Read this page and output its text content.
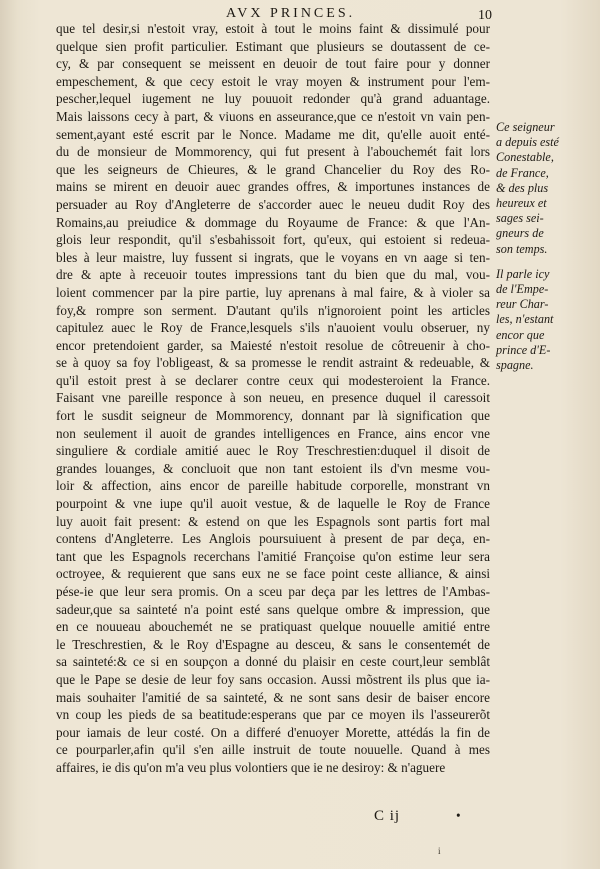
AVX PRINCES.	10
que tel desir,si n'estoit vray, estoit à tout le moins faint & dissimulé pour
quelque sien profit particulier. Estimant que plusieurs se doutassent de ce-
cy, & par consequent se meissent en deuoir de tout faire pour y donner
empeschement, & que cecy estoit le vray moyen & instrument pour l'em-
pescher,lequel iugement ne luy pouuoit redonder qu'à grand aduantage.
Mais laissons cecy à part, & viuons en asseurance,que ce n'estoit vn vain pen-
sement,ayant esté escrit par le Nonce. Madame me dit, qu'elle auoit enté-
du de monsieur de Mommorency, qui fut present à l'abouchemét fait lors
que les seigneurs de Chieures, & le grand Chancelier du Roy des Ro-
mains se mirent en deuoir auec grandes offres, & importunes instances de
persuader au Roy d'Angleterre de s'accorder auec le neueu dudit Roy des
Romains,au preiudice & dommage du Royaume de France: & que l'An-
glois leur respondit, qu'il s'esbahissoit fort, qu'eux, qui estoient si redeua-
bles à leur maistre, luy fussent si ingrats, que le voyans en vn aage si ten-
dre & apte à receuoir toutes impressions tant du bien que du mal, vou-
loient commencer par la pire partie, luy aprenans à mal faire, & à violer sa
foy,& rompre son serment. D'autant qu'ils n'ignoroient point les articles
capitulez auec le Roy de France,lesquels s'ils n'auoient voulu obseruer, ny
encor pretendoient garder, sa Maiesté n'estoit resolue de côtreuenir à cho-
se à quoy sa foy l'obligeast, & sa promesse le rendit astraint & redeuable, &
qu'il estoit prest à se declarer contre ceux qui modesteroient la France.
Faisant vne pareille responce à son neueu, en presence duquel il caressoit
fort le susdit seigneur de Mommorency, donnant par là signification que
non seulement il auoit de grandes intelligences en France, ains encor vne
singuliere & cordiale amitié auec le Roy Treschrestien:duquel il disoit de
grandes louanges, & concluoit que non tant estoient ils d'vn mesme vou-
loir & affection, ains encor de pareille habitude corporelle, monstrant vn
pourpoint & vne iupe qu'il auoit vestue, & de laquelle le Roy de France
luy auoit fait present: & estend on que les Espagnols sont partis fort mal
contens d'Angleterre. Les Anglois poursuiuent à present de par deça, en-
tant que les Espagnols recerchans l'amitié Françoise qu'on estime leur sera
octroyee, & requierent que sans eux ne se face point ceste alliance, & ainsi
pése-ie que leur sera promis. On a sceu par deça par les lettres de l'Ambas-
sadeur,que sa sainteté n'a point esté sans quelque ombre & impression, que
en ce nouueau abouchemét ne se pratiquast quelque nouuelle amitié entre
le Treschrestien, & le Roy d'Espagne au desceu, & sans le consentemét de
sa sainteté:& ce si en soupçon a donné du plaisir en ceste court,leur semblât
que le Pape se desie de leur foy sans occasion. Aussi mõstrent ils plus que ia-
mais souhaiter l'amitié de sa sainteté, & ne sont sans desir de baiser encore
vn coup les pieds de sa beatitude:esperans que par ce moyen ils l'asseurerõt
pour iamais de leur costé. On a differé d'enuoyer Morette, attédás la fin de
ce pourparler,afin qu'il s'en aille instruit de toute nouuelle. Quand à mes
affaires, ie dis qu'on m'a veu plus volontiers que ie ne desiroy: & n'aguere
Ce seigneur
a depuis esté
Conestable,
de France,
& des plus
heureux et
sages sei-
gneurs de
son temps.
Il parle icy
de l'Empe-
reur Char-
les, n'estant
encor que
prince d'E-
spagne.
C ij	•
i
